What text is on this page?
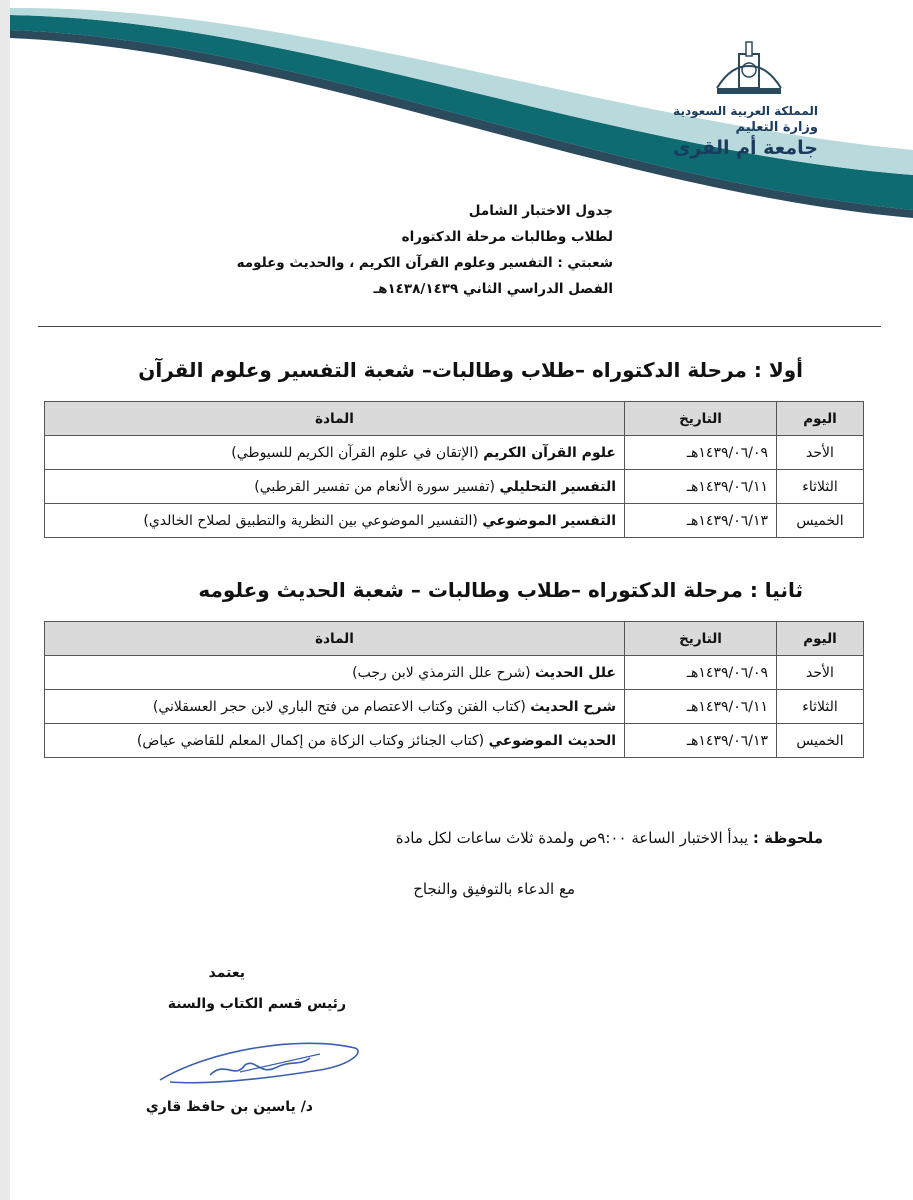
المملكة العربية السعودية
وزارة التعليم
جامعة أم القرى
جدول الاختبار الشامل
لطلاب وطالبات مرحلة الدكتوراه
شعبتي : التفسير وعلوم القرآن الكريم ، والحديث وعلومه
الفصل الدراسي الثاني ١٤٣٨/١٤٣٩هـ
أولا : مرحلة الدكتوراه –طلاب وطالبات– شعبة التفسير وعلوم القرآن
اليوم	التاريخ	المادة
الأحد	١٤٣٩/٠٦/٠٩هـ	علوم القرآن الكريم (الإتقان في علوم القرآن الكريم للسيوطي)
الثلاثاء	١٤٣٩/٠٦/١١هـ	التفسير التحليلي (تفسير سورة الأنعام من تفسير القرطبي)
الخميس	١٤٣٩/٠٦/١٣هـ	التفسير الموضوعي (التفسير الموضوعي بين النظرية والتطبيق لصلاح الخالدي)
ثانيا : مرحلة الدكتوراه –طلاب وطالبات – شعبة الحديث وعلومه
اليوم	التاريخ	المادة
الأحد	١٤٣٩/٠٦/٠٩هـ	علل الحديث (شرح علل الترمذي لابن رجب)
الثلاثاء	١٤٣٩/٠٦/١١هـ	شرح الحديث (كتاب الفتن وكتاب الاعتصام من فتح الباري لابن حجر العسقلاني)
الخميس	١٤٣٩/٠٦/١٣هـ	الحديث الموضوعي (كتاب الجنائز وكتاب الزكاة من إكمال المعلم للقاضي عياض)
ملحوظة : يبدأ الاختبار الساعة ٩:٠٠ص ولمدة ثلاث ساعات لكل مادة
مع الدعاء بالتوفيق والنجاح
يعتمد
رئيس قسم الكتاب والسنة
د/ ياسين بن حافظ قاري
